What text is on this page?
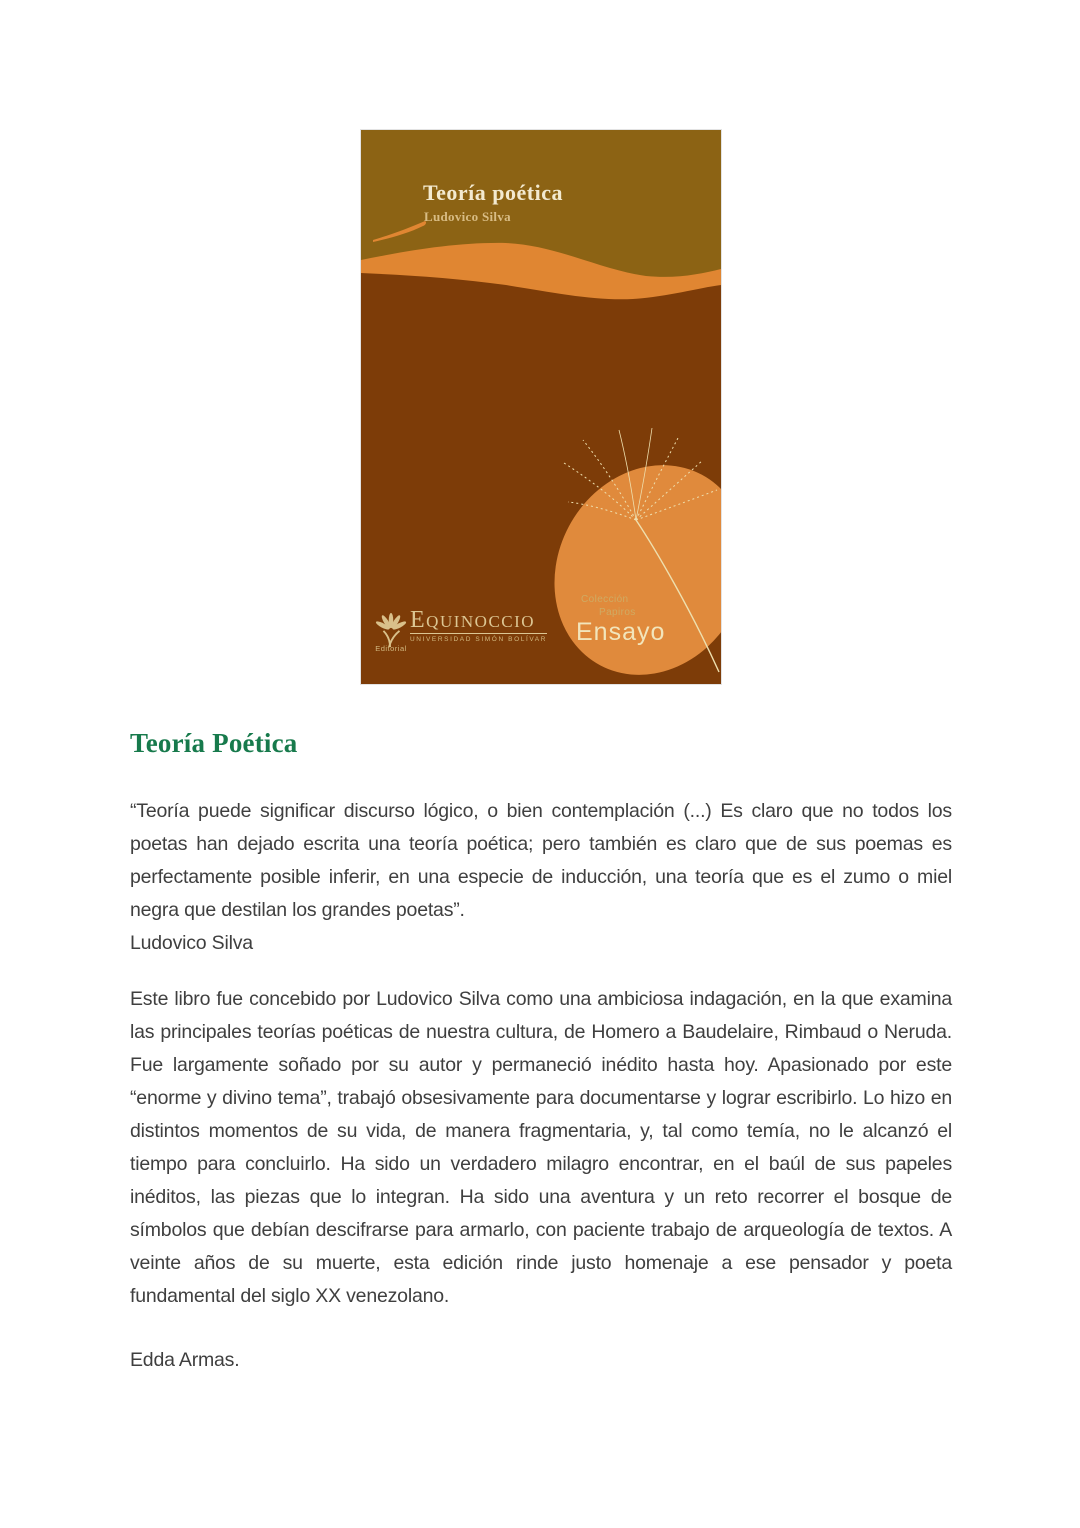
Teoría poética
Ludovico Silva
Editorial
EQUINOCCIO
UNIVERSIDAD SIMÓN BOLÍVAR
Colección
Papiros
Ensayo
Teoría Poética

“Teoría puede significar discurso lógico, o bien contemplación (...) Es claro que no todos los poetas han dejado escrita una teoría poética; pero también es claro que de sus poemas es perfectamente posible inferir, en una especie de inducción, una teoría que es el zumo o miel negra que destilan los grandes poetas”.

Ludovico Silva

Este libro fue concebido por Ludovico Silva como una ambiciosa indagación, en la que examina las principales teorías poéticas de nuestra cultura, de Homero a Baudelaire, Rimbaud o Neruda. Fue largamente soñado por su autor y permaneció inédito hasta hoy. Apasionado por este “enorme y divino tema”, trabajó obsesivamente para documentarse y lograr escribirlo. Lo hizo en distintos momentos de su vida, de manera fragmentaria, y, tal como temía, no le alcanzó el tiempo para concluirlo. Ha sido un verdadero milagro encontrar, en el baúl de sus papeles inéditos, las piezas que lo integran. Ha sido una aventura y un reto recorrer el bosque de símbolos que debían descifrarse para armarlo, con paciente trabajo de arqueología de textos. A veinte años de su muerte, esta edición rinde justo homenaje a ese pensador y poeta fundamental del siglo XX venezolano.

Edda Armas.
